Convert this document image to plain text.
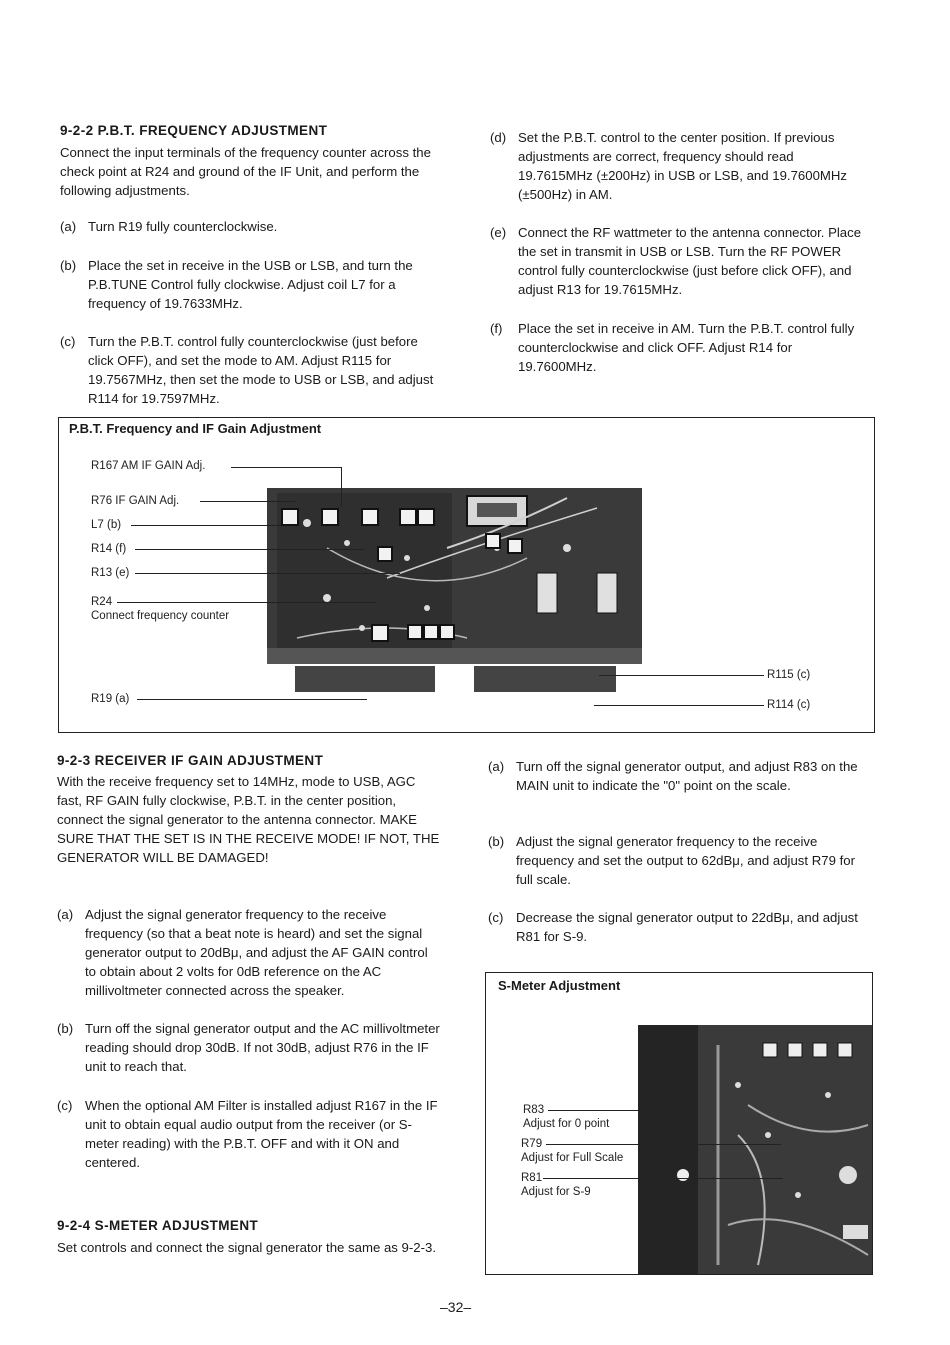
9-2-2 P.B.T. FREQUENCY ADJUSTMENT
Connect the input terminals of the frequency counter across the check point at R24 and ground of the IF Unit, and perform the following adjustments.
(a) Turn R19 fully counterclockwise.
(b) Place the set in receive in the USB or LSB, and turn the P.B.TUNE Control fully clockwise. Adjust coil L7 for a frequency of 19.7633MHz.
(c) Turn the P.B.T. control fully counterclockwise (just before click OFF), and set the mode to AM. Adjust R115 for 19.7567MHz, then set the mode to USB or LSB, and adjust R114 for 19.7597MHz.
(d) Set the P.B.T. control to the center position. If previous adjustments are correct, frequency should read 19.7615MHz (±200Hz) in USB or LSB, and 19.7600MHz (±500Hz) in AM.
(e) Connect the RF wattmeter to the antenna connector. Place the set in transmit in USB or LSB. Turn the RF POWER control fully counterclockwise (just before click OFF), and adjust R13 for 19.7615MHz.
(f) Place the set in receive in AM. Turn the P.B.T. control fully counterclockwise and click OFF. Adjust R14 for 19.7600MHz.
P.B.T. Frequency and IF Gain Adjustment
R167 AM IF GAIN Adj.
R76 IF GAIN Adj.
L7 (b)
R14 (f)
R13 (e)
R24
Connect frequency counter
R19 (a)
R115 (c)
R114 (c)
9-2-3 RECEIVER IF GAIN ADJUSTMENT
With the receive frequency set to 14MHz, mode to USB, AGC fast, RF GAIN fully clockwise, P.B.T. in the center position, connect the signal generator to the antenna connector. MAKE SURE THAT THE SET IS IN THE RECEIVE MODE! IF NOT, THE GENERATOR WILL BE DAMAGED!
(a) Adjust the signal generator frequency to the receive frequency (so that a beat note is heard) and set the signal generator output to 20dBμ, and adjust the AF GAIN control to obtain about 2 volts for 0dB reference on the AC millivoltmeter connected across the speaker.
(b) Turn off the signal generator output and the AC millivoltmeter reading should drop 30dB. If not 30dB, adjust R76 in the IF unit to reach that.
(c) When the optional AM Filter is installed adjust R167 in the IF unit to obtain equal audio output from the receiver (or S-meter reading) with the P.B.T. OFF and with it ON and centered.
9-2-4 S-METER ADJUSTMENT
Set controls and connect the signal generator the same as 9-2-3.
(a) Turn off the signal generator output, and adjust R83 on the MAIN unit to indicate the "0" point on the scale.
(b) Adjust the signal generator frequency to the receive frequency and set the output to 62dBμ, and adjust R79 for full scale.
(c) Decrease the signal generator output to 22dBμ, and adjust R81 for S-9.
S-Meter Adjustment
R83
Adjust for 0 point
R79
Adjust for Full Scale
R81
Adjust for S-9
–32–
